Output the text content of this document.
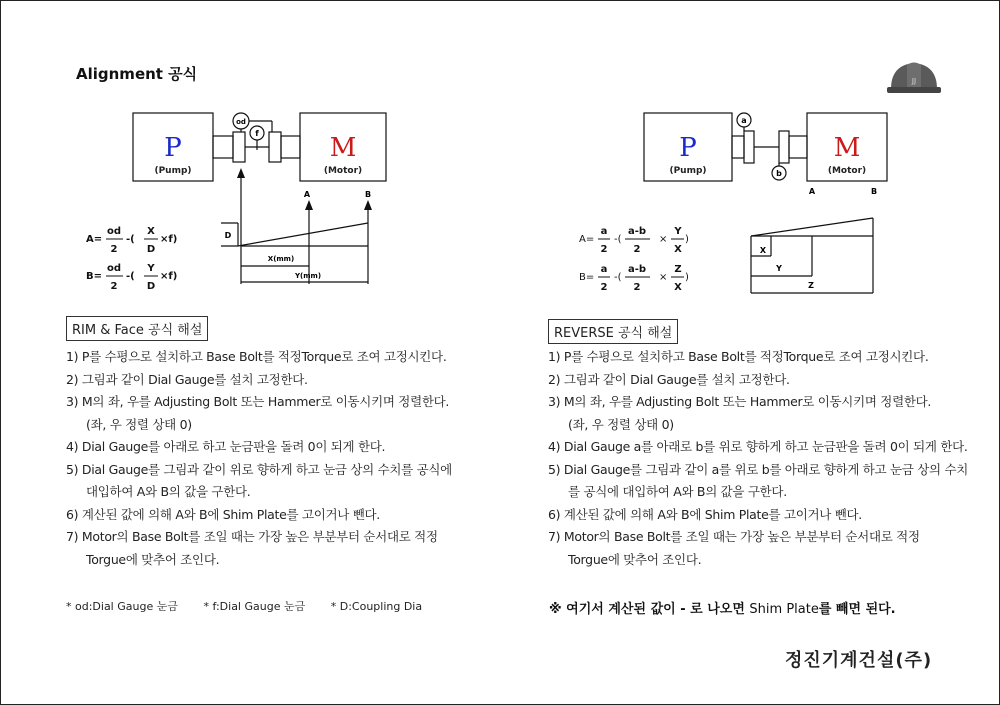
Alignment 공식	JJ
P
(Pump)
M
(Motor)
od
f
A	B
D
X(mm)
Y(mm)
A=
od
2
-(
X
D
×f)
B=
od
2
-(
Y
D
×f)
P
(Pump)
M
(Motor)
a
b
A	B
X
Y
Z
A=
a
2
-(
a-b
2
×
Y
X
)
B=
a
2
-(
a-b
2
×
Z
X
)
RIM & Face 공식 해설	REVERSE 공식 해설
1) P를 수평으로 설치하고 Base Bolt를 적정Torque로 조여 고정시킨다.
2) 그림과 같이 Dial Gauge를 설치 고정한다.
3) M의 좌, 우를 Adjusting Bolt 또는 Hammer로 이동시키며 정렬한다.
(좌, 우 정렬 상태 0)
4) Dial Gauge를 아래로 하고 눈금판을 돌려 0이 되게 한다.
5) Dial Gauge를 그림과 같이 위로 향하게 하고 눈금 상의 수치를 공식에
대입하여 A와 B의 값을 구한다.
6) 계산된 값에 의해 A와 B에 Shim Plate를 고이거나 뺀다.
7) Motor의 Base Bolt를 조일 때는 가장 높은 부분부터 순서대로 적정
Torgue에 맞추어 조인다.
1) P를 수평으로 설치하고 Base Bolt를 적정Torque로 조여 고정시킨다.
2) 그림과 같이 Dial Gauge를 설치 고정한다.
3) M의 좌, 우를 Adjusting Bolt 또는 Hammer로 이동시키며 정렬한다.
(좌, 우 정렬 상태 0)
4) Dial Gauge a를 아래로 b를 위로 향하게 하고 눈금판을 돌려 0이 되게 한다.
5) Dial Gauge를 그림과 같이 a를 위로 b를 아래로 향하게 하고 눈금 상의 수치
를 공식에 대입하여 A와 B의 값을 구한다.
6) 계산된 값에 의해 A와 B에 Shim Plate를 고이거나 뺀다.
7) Motor의 Base Bolt를 조일 때는 가장 높은 부분부터 순서대로 적정
Torgue에 맞추어 조인다.
* od:Dial Gauge 눈금 * f:Dial Gauge 눈금 * D:Coupling Dia	※ 여기서 계산된 값이 - 로 나오면 Shim Plate를 빼면 된다.
정진기계건설(주)
